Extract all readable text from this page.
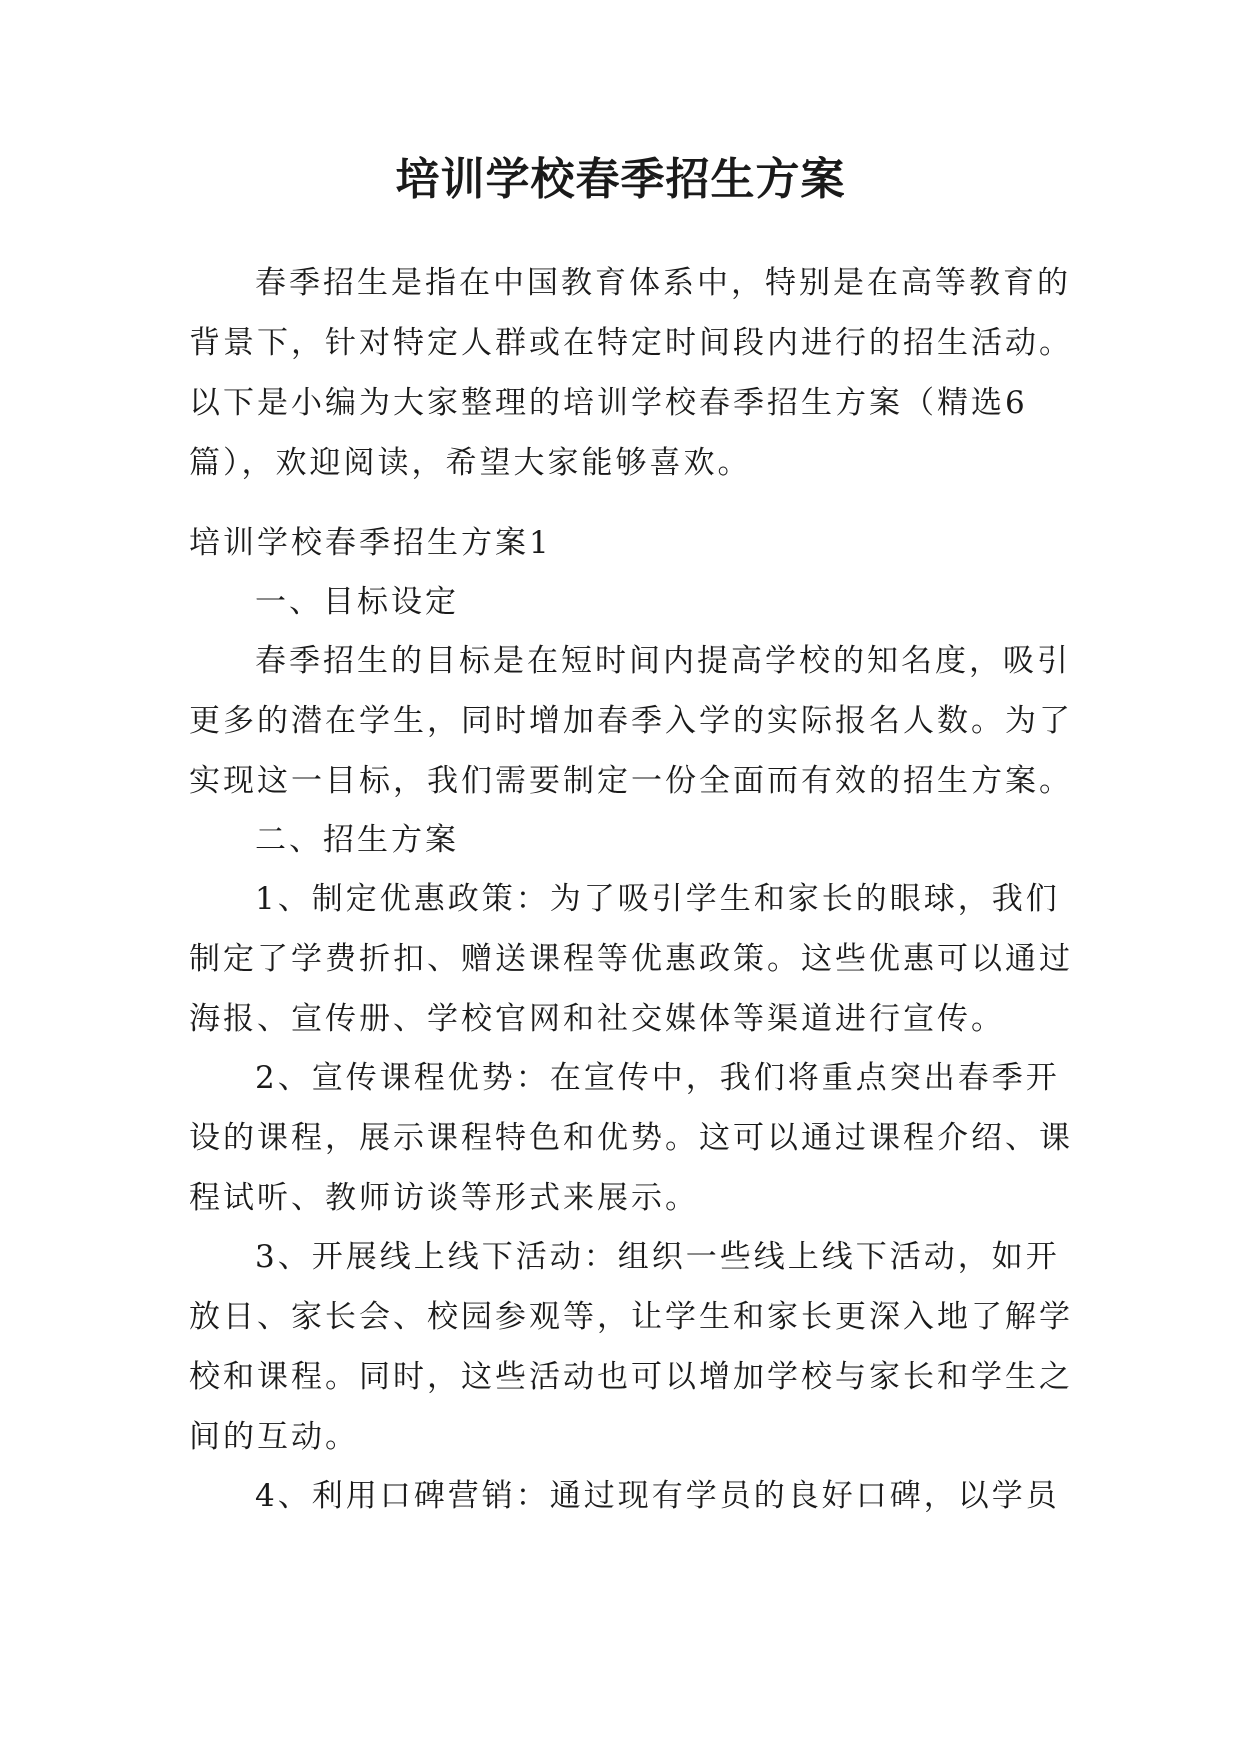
培训学校春季招生方案
春季招生是指在中国教育体系中，特别是在高等教育的
背景下，针对特定人群或在特定时间段内进行的招生活动。
以下是小编为大家整理的培训学校春季招生方案（精选6
篇），欢迎阅读，希望大家能够喜欢。
培训学校春季招生方案1
一、目标设定
春季招生的目标是在短时间内提高学校的知名度，吸引
更多的潜在学生，同时增加春季入学的实际报名人数。为了
实现这一目标，我们需要制定一份全面而有效的招生方案。
二、招生方案
1、制定优惠政策：为了吸引学生和家长的眼球，我们
制定了学费折扣、赠送课程等优惠政策。这些优惠可以通过
海报、宣传册、学校官网和社交媒体等渠道进行宣传。
2、宣传课程优势：在宣传中，我们将重点突出春季开
设的课程，展示课程特色和优势。这可以通过课程介绍、课
程试听、教师访谈等形式来展示。
3、开展线上线下活动：组织一些线上线下活动，如开
放日、家长会、校园参观等，让学生和家长更深入地了解学
校和课程。同时，这些活动也可以增加学校与家长和学生之
间的互动。
4、利用口碑营销：通过现有学员的良好口碑，以学员
